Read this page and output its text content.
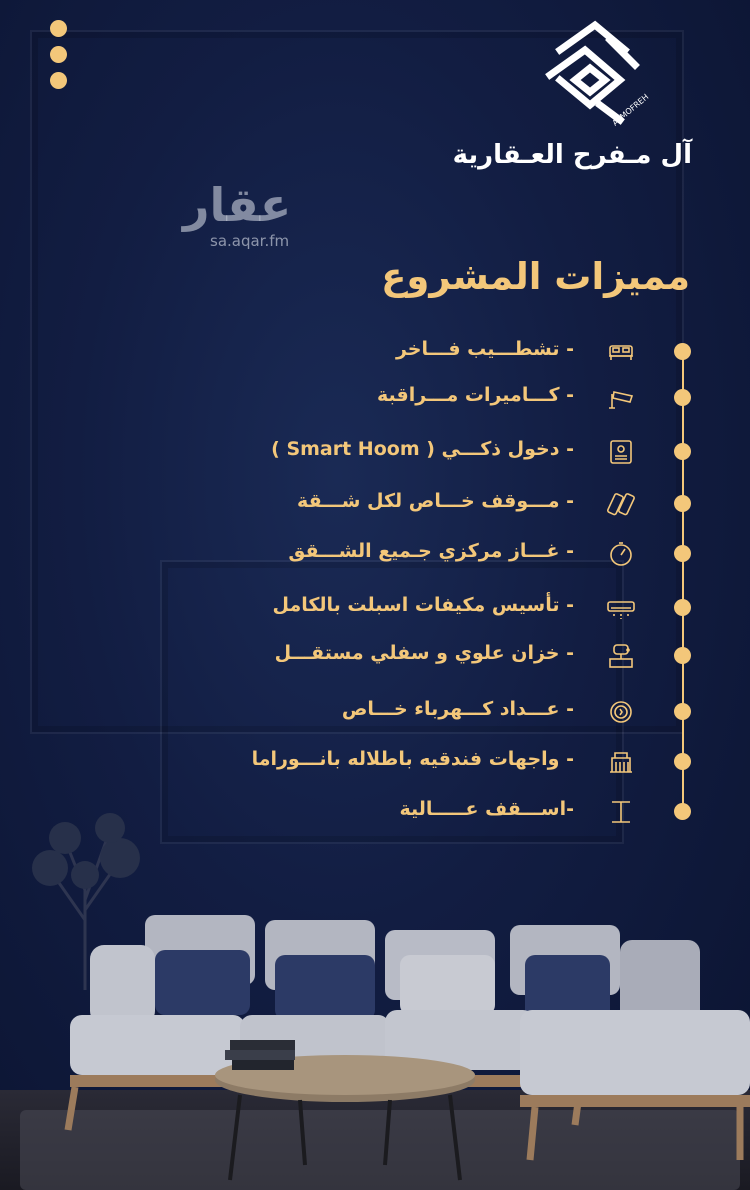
ALMOFREH
آل مـفرح العـقارية
عقار
sa.aqar.fm
مميزات المشروع
- تشطـــيب فـــاخر
- كـــاميرات مـــراقبة
- دخول ذكـــي ( Smart Hoom )
- مـــوقف خـــاص لكل شـــقة
- غـــاز مركزي جـميع الشـــقق
- تأسيس مكيفات اسبلت بالكامل
- خزان علوي و سفلي مستقـــل
- عـــداد كـــهرباء خـــاص
- واجهات فندقيه باطلاله بانـــوراما
-اســـقف عـــــالية
